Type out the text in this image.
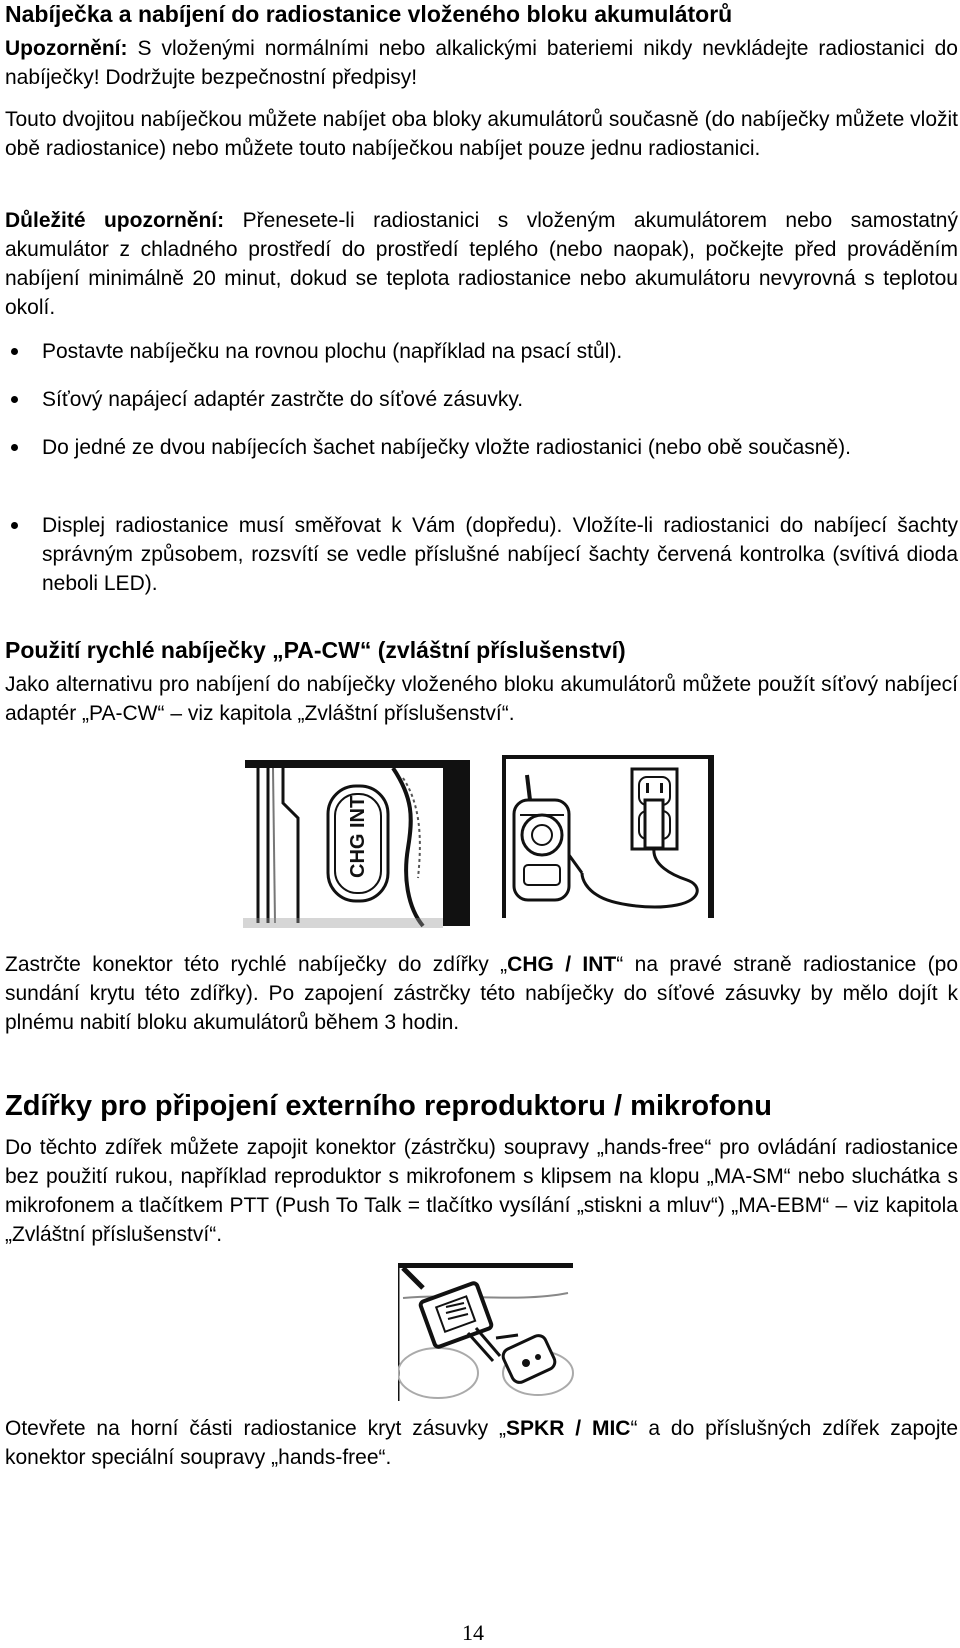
Nabíječka a nabíjení do radiostanice vloženého bloku akumulátorů
Upozornění: S vloženými normálními nebo alkalickými bateriemi nikdy nevkládejte radiostanici do nabíječky! Dodržujte bezpečnostní předpisy!
Touto dvojitou nabíječkou můžete nabíjet oba bloky akumulátorů současně (do nabíječky můžete vložit obě radiostanice) nebo můžete touto nabíječkou nabíjet pouze jednu radiostanici.
Důležité upozornění: Přenesete-li radiostanici s vloženým akumulátorem nebo samostatný akumulátor z chladného prostředí do prostředí teplého (nebo naopak), počkejte před prováděním nabíjení minimálně 20 minut, dokud se teplota radiostanice nebo akumulátoru nevyrovná s teplotou okolí.
Postavte nabíječku na rovnou plochu (například na psací stůl).
Síťový napájecí adaptér zastrčte do síťové zásuvky.
Do jedné ze dvou nabíjecích šachet nabíječky vložte radiostanici (nebo obě současně).
Displej radiostanice musí směřovat k Vám (dopředu). Vložíte-li radiostanici do nabíjecí šachty správným způsobem, rozsvítí se vedle příslušné nabíjecí šachty červená kontrolka (svítivá dioda neboli LED).
Použití rychlé nabíječky „PA-CW“ (zvláštní příslušenství)
Jako alternativu pro nabíjení do nabíječky vloženého bloku akumulátorů můžete použít síťový nabíjecí adaptér „PA-CW“ – viz kapitola „Zvláštní příslušenství“.
CHG INT
Zastrčte konektor této rychlé nabíječky do zdířky „CHG / INT“ na pravé straně radiostanice (po sundání krytu této zdířky). Po zapojení zástrčky této nabíječky do síťové zásuvky by mělo dojít k plnému nabití bloku akumulátorů během 3 hodin.
Zdířky pro připojení externího reproduktoru / mikrofonu
Do těchto zdířek můžete zapojit konektor (zástrčku) soupravy „hands-free“ pro ovládání radiostanice bez použití rukou, například reproduktor s mikrofonem s klipsem na klopu „MA-SM“ nebo sluchátka s mikrofonem a tlačítkem PTT (Push To Talk = tlačítko vysílání „stiskni a mluv“) „MA-EBM“ – viz kapitola „Zvláštní příslušenství“.
Otevřete na horní části radiostanice kryt zásuvky „SPKR / MIC“ a do příslušných zdířek zapojte konektor speciální soupravy „hands-free“.
14
